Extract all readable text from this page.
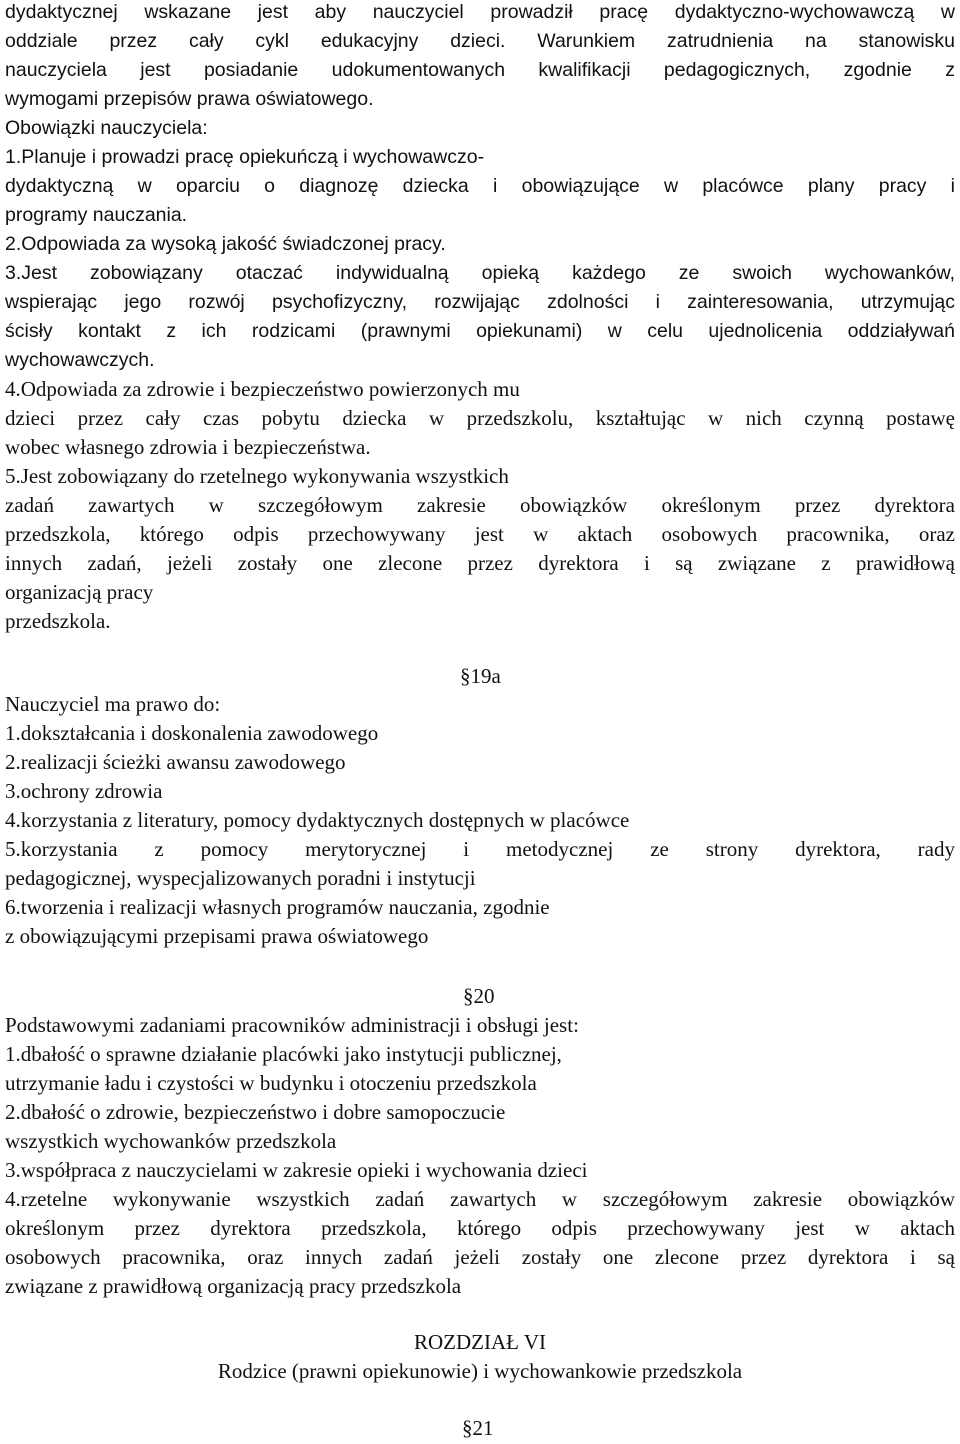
dydaktycznej wskazane jest aby nauczyciel prowadził pracę dydaktyczno-wychowawczą w
oddziale przez cały cykl edukacyjny dzieci. Warunkiem zatrudnienia na stanowisku
nauczyciela jest posiadanie udokumentowanych kwalifikacji pedagogicznych, zgodnie z
wymogami przepisów prawa oświatowego.
Obowiązki nauczyciela:
1.Planuje i prowadzi pracę opiekuńczą i wychowawczo-
dydaktyczną w oparciu o diagnozę dziecka i obowiązujące w placówce plany pracy i
programy nauczania.
2.Odpowiada za wysoką jakość świadczonej pracy.
3.Jest zobowiązany otaczać indywidualną opieką każdego ze swoich wychowanków,
wspierając jego rozwój psychofizyczny, rozwijając zdolności i zainteresowania, utrzymując
ścisły kontakt z ich rodzicami (prawnymi opiekunami) w celu ujednolicenia oddziaływań
wychowawczych.
4.Odpowiada za zdrowie i bezpieczeństwo powierzonych mu
dzieci przez cały czas pobytu dziecka w przedszkolu, kształtując w nich czynną postawę
wobec własnego zdrowia i bezpieczeństwa.
5.Jest zobowiązany do rzetelnego wykonywania wszystkich
zadań zawartych w szczegółowym zakresie obowiązków określonym przez dyrektora
przedszkola, którego odpis przechowywany jest w aktach osobowych pracownika, oraz
innych zadań, jeżeli zostały one zlecone przez dyrektora i są związane z prawidłową
organizacją pracy
przedszkola.
§19a
Nauczyciel ma prawo do:
1.dokształcania i doskonalenia zawodowego
2.realizacji ścieżki awansu zawodowego
3.ochrony zdrowia
4.korzystania z literatury, pomocy dydaktycznych dostępnych w placówce
5.korzystania z pomocy merytorycznej i metodycznej ze strony dyrektora, rady
pedagogicznej, wyspecjalizowanych poradni i instytucji
6.tworzenia i realizacji własnych programów nauczania, zgodnie
z obowiązującymi przepisami prawa oświatowego
§20
Podstawowymi zadaniami pracowników administracji i obsługi jest:
1.dbałość o sprawne działanie placówki jako instytucji publicznej,
utrzymanie ładu i czystości w budynku i otoczeniu przedszkola
2.dbałość o zdrowie, bezpieczeństwo i dobre samopoczucie
wszystkich wychowanków przedszkola
3.współpraca z nauczycielami w zakresie opieki i wychowania dzieci
4.rzetelne wykonywanie wszystkich zadań zawartych w szczegółowym zakresie obowiązków
określonym przez dyrektora przedszkola, którego odpis przechowywany jest w aktach
osobowych pracownika, oraz innych zadań jeżeli zostały one zlecone przez dyrektora i są
związane z prawidłową organizacją pracy przedszkola
ROZDZIAŁ VI
Rodzice (prawni opiekunowie) i wychowankowie przedszkola
§21
